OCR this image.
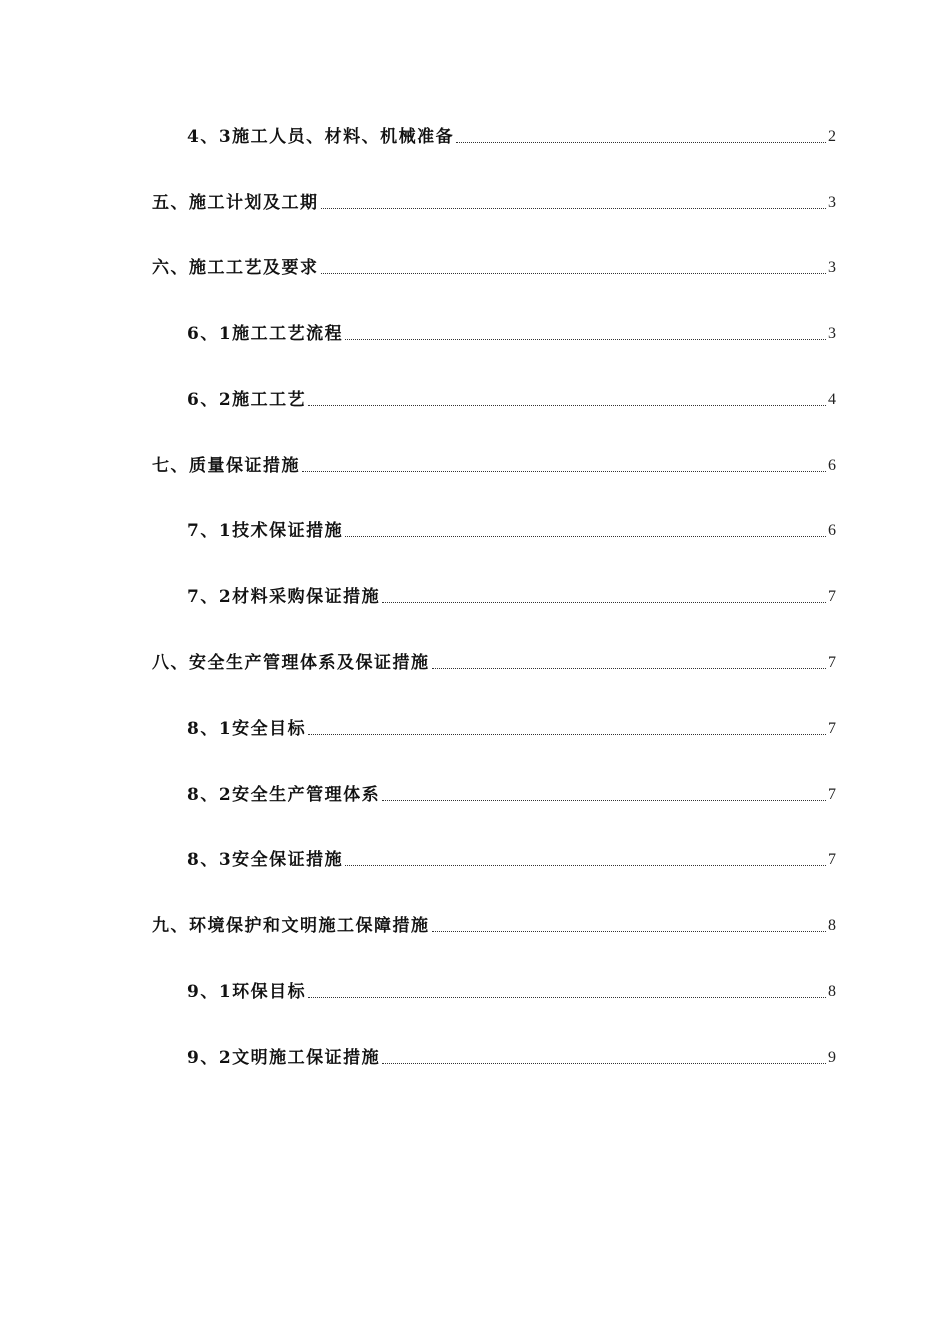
4、3施工人员、材料、机械准备	2
五、施工计划及工期	3
六、施工工艺及要求	3
6、1施工工艺流程	3
6、2施工工艺	4
七、质量保证措施	6
7、1技术保证措施	6
7、2材料采购保证措施	7
八、安全生产管理体系及保证措施	7
8、1安全目标	7
8、2安全生产管理体系	7
8、3安全保证措施	7
九、环境保护和文明施工保障措施	8
9、1环保目标	8
9、2文明施工保证措施	9
